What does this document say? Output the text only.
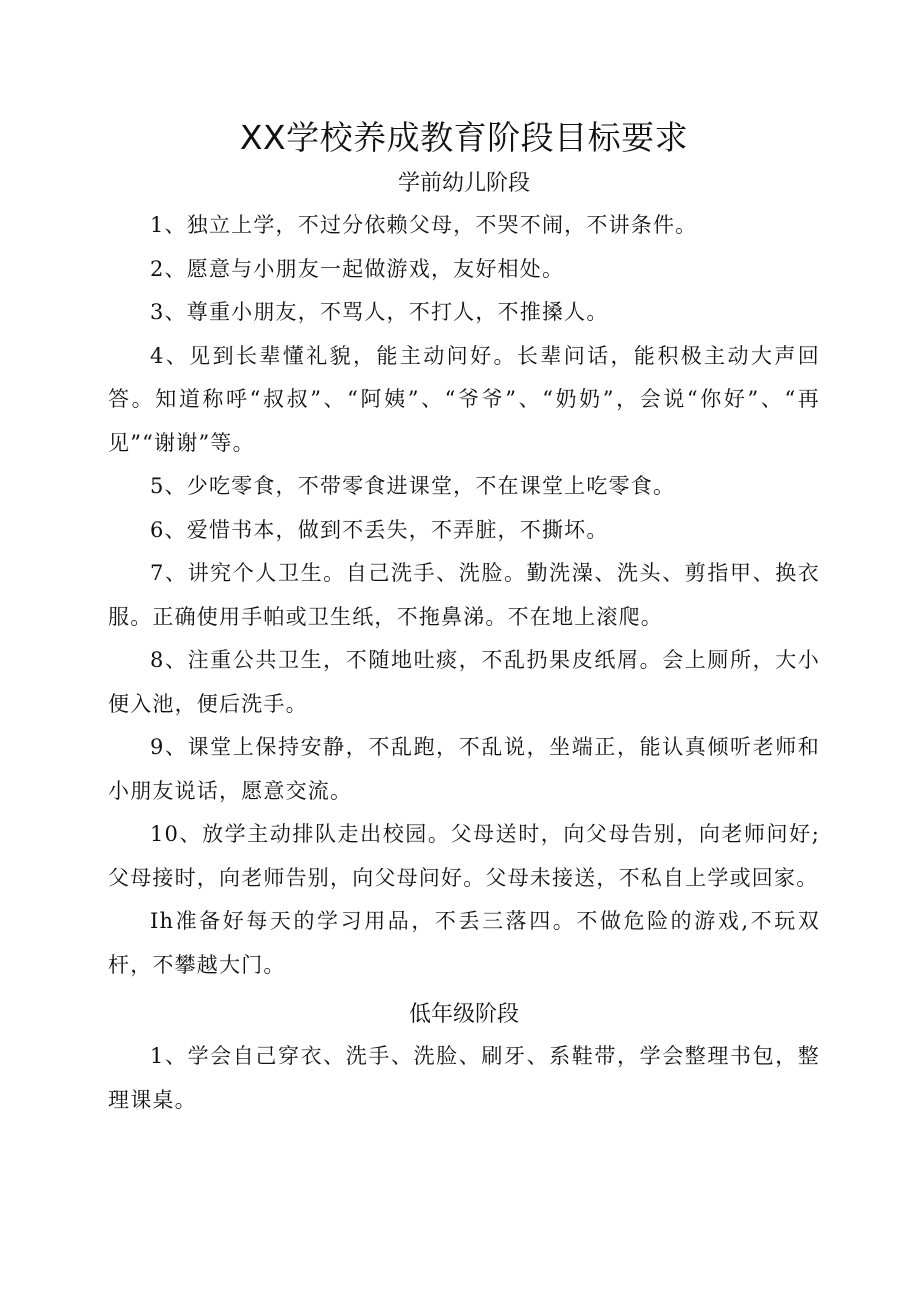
XX学校养成教育阶段目标要求
学前幼儿阶段
1、独立上学，不过分依赖父母，不哭不闹，不讲条件。
2、愿意与小朋友一起做游戏，友好相处。
3、尊重小朋友，不骂人，不打人，不推搡人。
4、见到长辈懂礼貌，能主动问好。长辈问话，能积极主动大声回答。知道称呼“叔叔”、“阿姨”、“爷爷”、“奶奶”，会说“你好”、“再见”“谢谢”等。
5、少吃零食，不带零食进课堂，不在课堂上吃零食。
6、爱惜书本，做到不丢失，不弄脏，不撕坏。
7、讲究个人卫生。自己洗手、洗脸。勤洗澡、洗头、剪指甲、换衣服。正确使用手帕或卫生纸，不拖鼻涕。不在地上滚爬。
8、注重公共卫生，不随地吐痰，不乱扔果皮纸屑。会上厕所，大小便入池，便后洗手。
9、课堂上保持安静，不乱跑，不乱说，坐端正，能认真倾听老师和小朋友说话，愿意交流。
10、放学主动排队走出校园。父母送时，向父母告别，向老师问好;父母接时，向老师告别，向父母问好。父母未接送，不私自上学或回家。
Ih准备好每天的学习用品，不丢三落四。不做危险的游戏,不玩双杆，不攀越大门。
低年级阶段
1、学会自己穿衣、洗手、洗脸、刷牙、系鞋带，学会整理书包，整理课桌。
